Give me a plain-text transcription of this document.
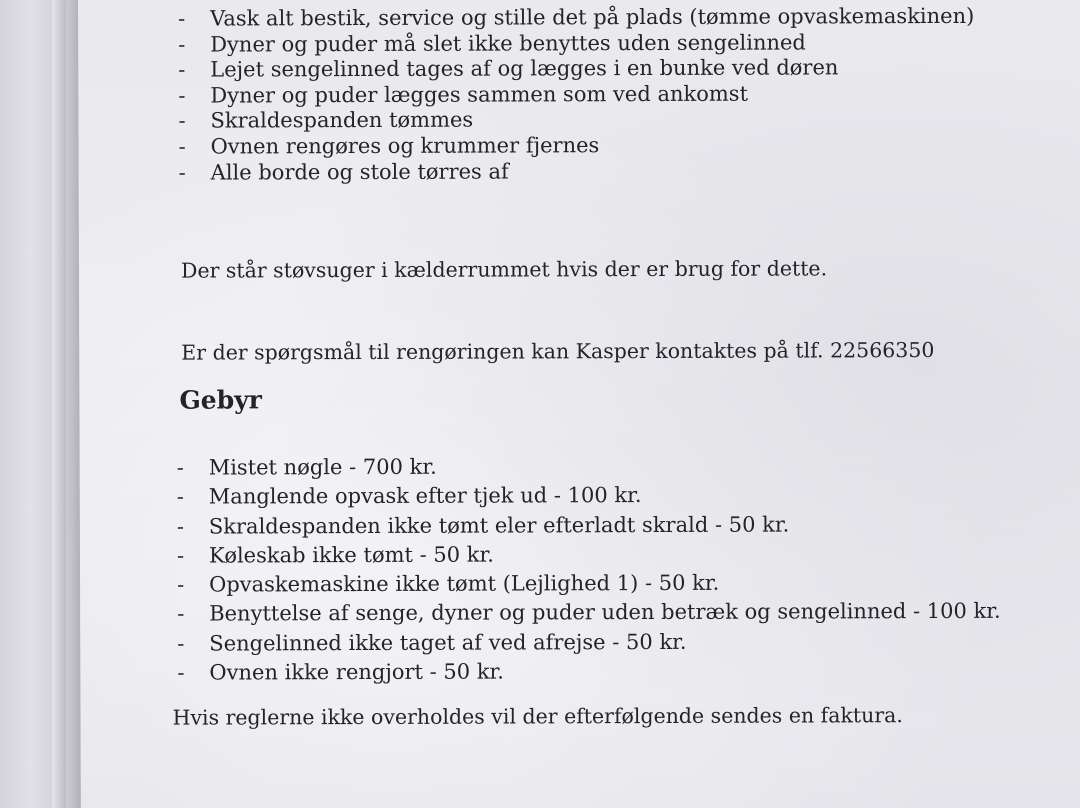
- Vask alt bestik, service og stille det på plads (tømme opvaskemaskinen)
- Dyner og puder må slet ikke benyttes uden sengelinned
- Lejet sengelinned tages af og lægges i en bunke ved døren
- Dyner og puder lægges sammen som ved ankomst
- Skraldespanden tømmes
- Ovnen rengøres og krummer fjernes
- Alle borde og stole tørres af

Der står støvsuger i kælderrummet hvis der er brug for dette.

Er der spørgsmål til rengøringen kan Kasper kontaktes på tlf. 22566350

Gebyr
- Mistet nøgle - 700 kr.
- Manglende opvask efter tjek ud - 100 kr.
- Skraldespanden ikke tømt eler efterladt skrald - 50 kr.
- Køleskab ikke tømt - 50 kr.
- Opvaskemaskine ikke tømt (Lejlighed 1) - 50 kr.
- Benyttelse af senge, dyner og puder uden betræk og sengelinned - 100 kr.
- Sengelinned ikke taget af ved afrejse - 50 kr.
- Ovnen ikke rengjort - 50 kr.

Hvis reglerne ikke overholdes vil der efterfølgende sendes en faktura.
